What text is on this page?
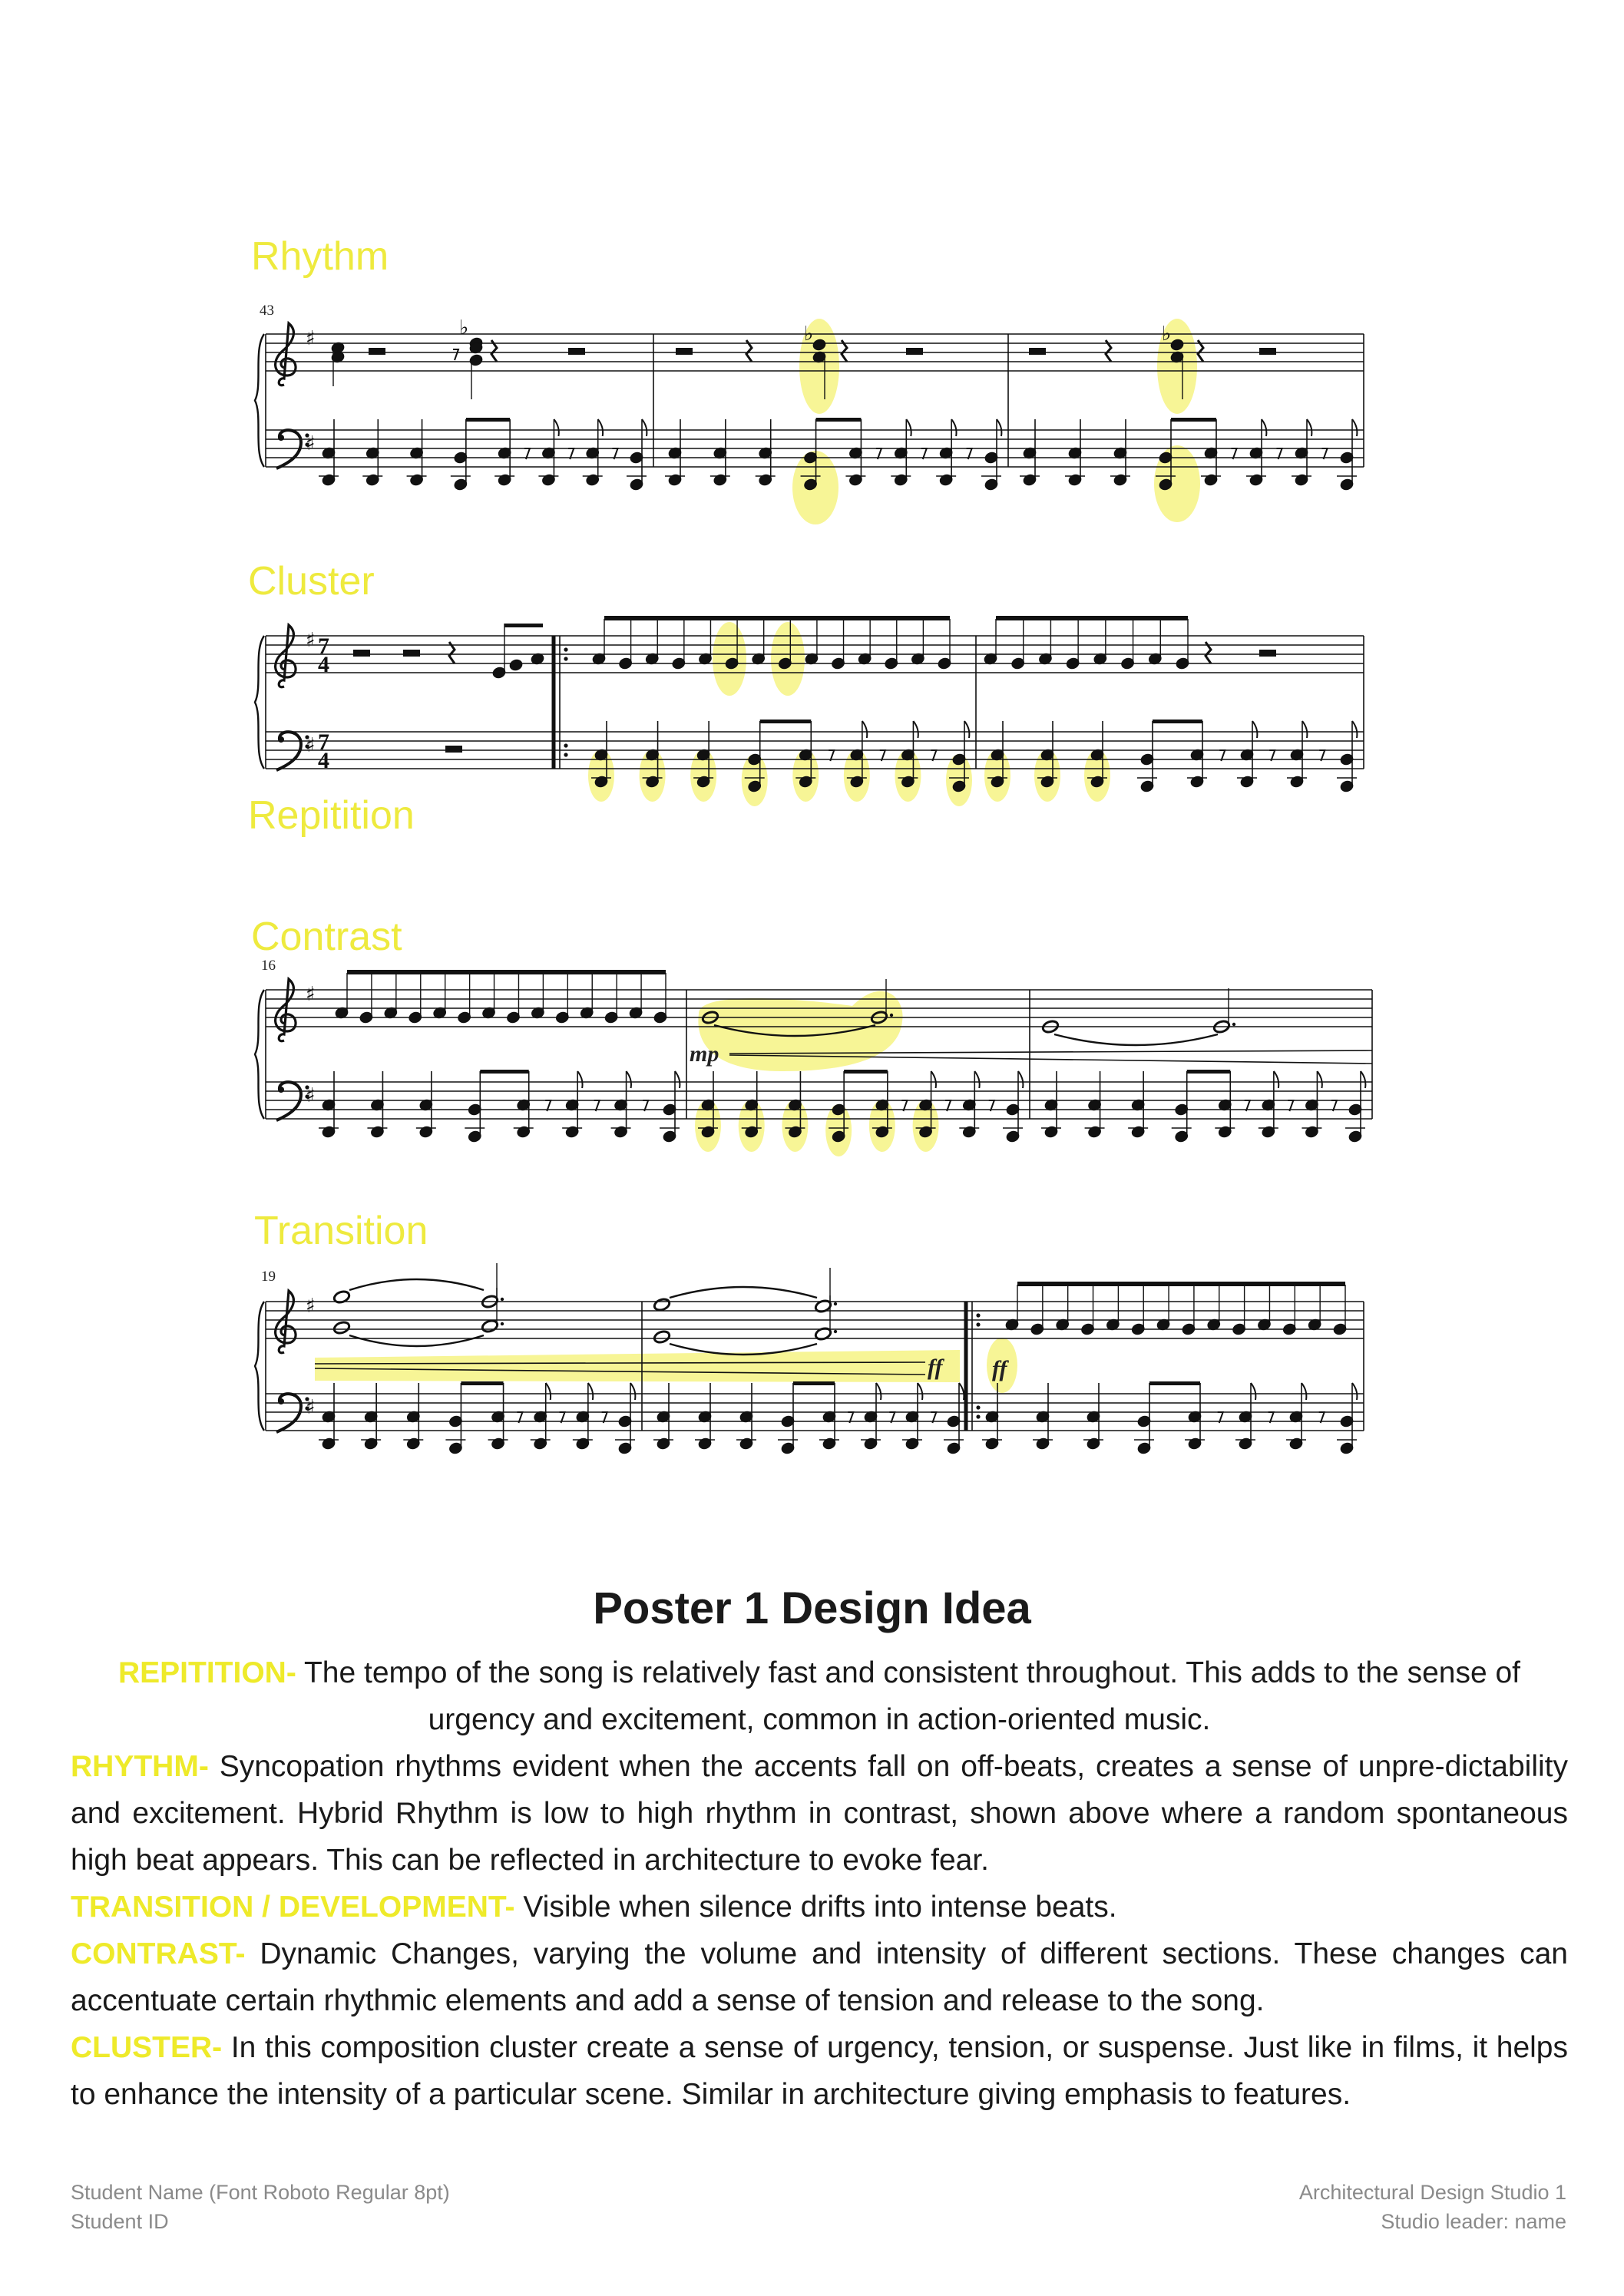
Rhythm
Cluster
Repitition
Contrast
Transition
♯
♯
♭	♭	♭
♯
♯
♯
♯
♯
♯
43
16
19
7
4
7
4
mp
ff ff
Poster 1 Design Idea

REPITITION- The tempo of the song is relatively fast and consistent throughout. This adds to the sense of urgency and excitement, common in action-oriented music.

RHYTHM- Syncopation rhythms evident when the accents fall on off-beats, creates a sense of unpre-dictability and excitement. Hybrid Rhythm is low to high rhythm in contrast, shown above where a random spontaneous high beat appears. This can be reflected in architecture to evoke fear.

TRANSITION / DEVELOPMENT- Visible when silence drifts into intense beats.

CONTRAST- Dynamic Changes, varying the volume and intensity of different sections. These changes can accentuate certain rhythmic elements and add a sense of tension and release to the song.

CLUSTER- In this composition cluster create a sense of urgency, tension, or suspense. Just like in films, it helps to enhance the intensity of a particular scene. Similar in architecture giving emphasis to features.

Student Name (Font Roboto Regular 8pt)
Student ID
Architectural Design Studio 1
Studio leader: name
